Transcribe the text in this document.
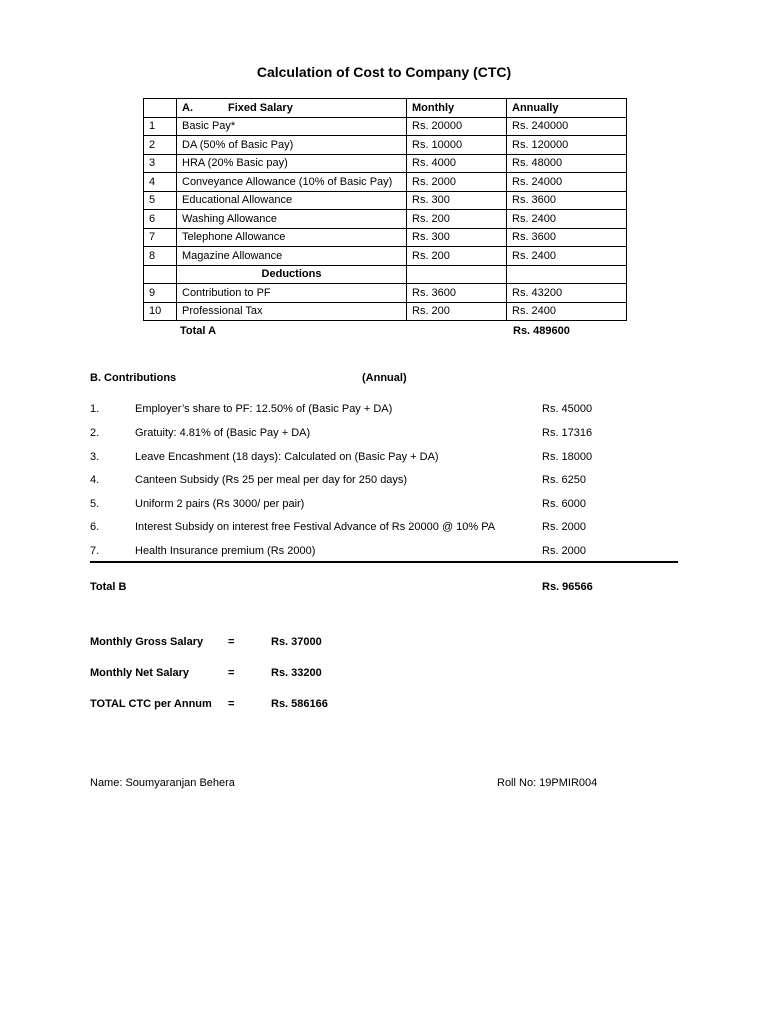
Calculation of Cost to Company (CTC)
	A. Fixed Salary	Monthly	Annually
1	Basic Pay*	Rs. 20000	Rs. 240000
2	DA (50% of Basic Pay)	Rs. 10000	Rs. 120000
3	HRA (20% Basic pay)	Rs. 4000	Rs. 48000
4	Conveyance Allowance (10% of Basic Pay)	Rs. 2000	Rs. 24000
5	Educational Allowance	Rs. 300	Rs. 3600
6	Washing Allowance	Rs. 200	Rs. 2400
7	Telephone Allowance	Rs. 300	Rs. 3600
8	Magazine Allowance	Rs. 200	Rs. 2400
	Deductions		
9	Contribution to PF	Rs. 3600	Rs. 43200
10	Professional Tax	Rs. 200	Rs. 2400
Total A	Rs. 489600
B. Contributions	(Annual)
1.	Employer’s share to PF: 12.50% of (Basic Pay + DA)	Rs. 45000
2.	Gratuity: 4.81% of (Basic Pay + DA)	Rs. 17316
3.	Leave Encashment (18 days): Calculated on (Basic Pay + DA)	Rs. 18000
4.	Canteen Subsidy (Rs 25 per meal per day for 250 days)	Rs. 6250
5.	Uniform 2 pairs (Rs 3000/ per pair)	Rs. 6000
6.	Interest Subsidy on interest free Festival Advance of Rs 20000 @ 10% PA	Rs. 2000
7.	Health Insurance premium (Rs 2000)	Rs. 2000
Total B	Rs. 96566
Monthly Gross Salary =	Rs. 37000
Monthly Net Salary	=	Rs. 33200
TOTAL CTC per Annum =	Rs. 586166
Name: Soumyaranjan Behera	Roll No: 19PMIR004
